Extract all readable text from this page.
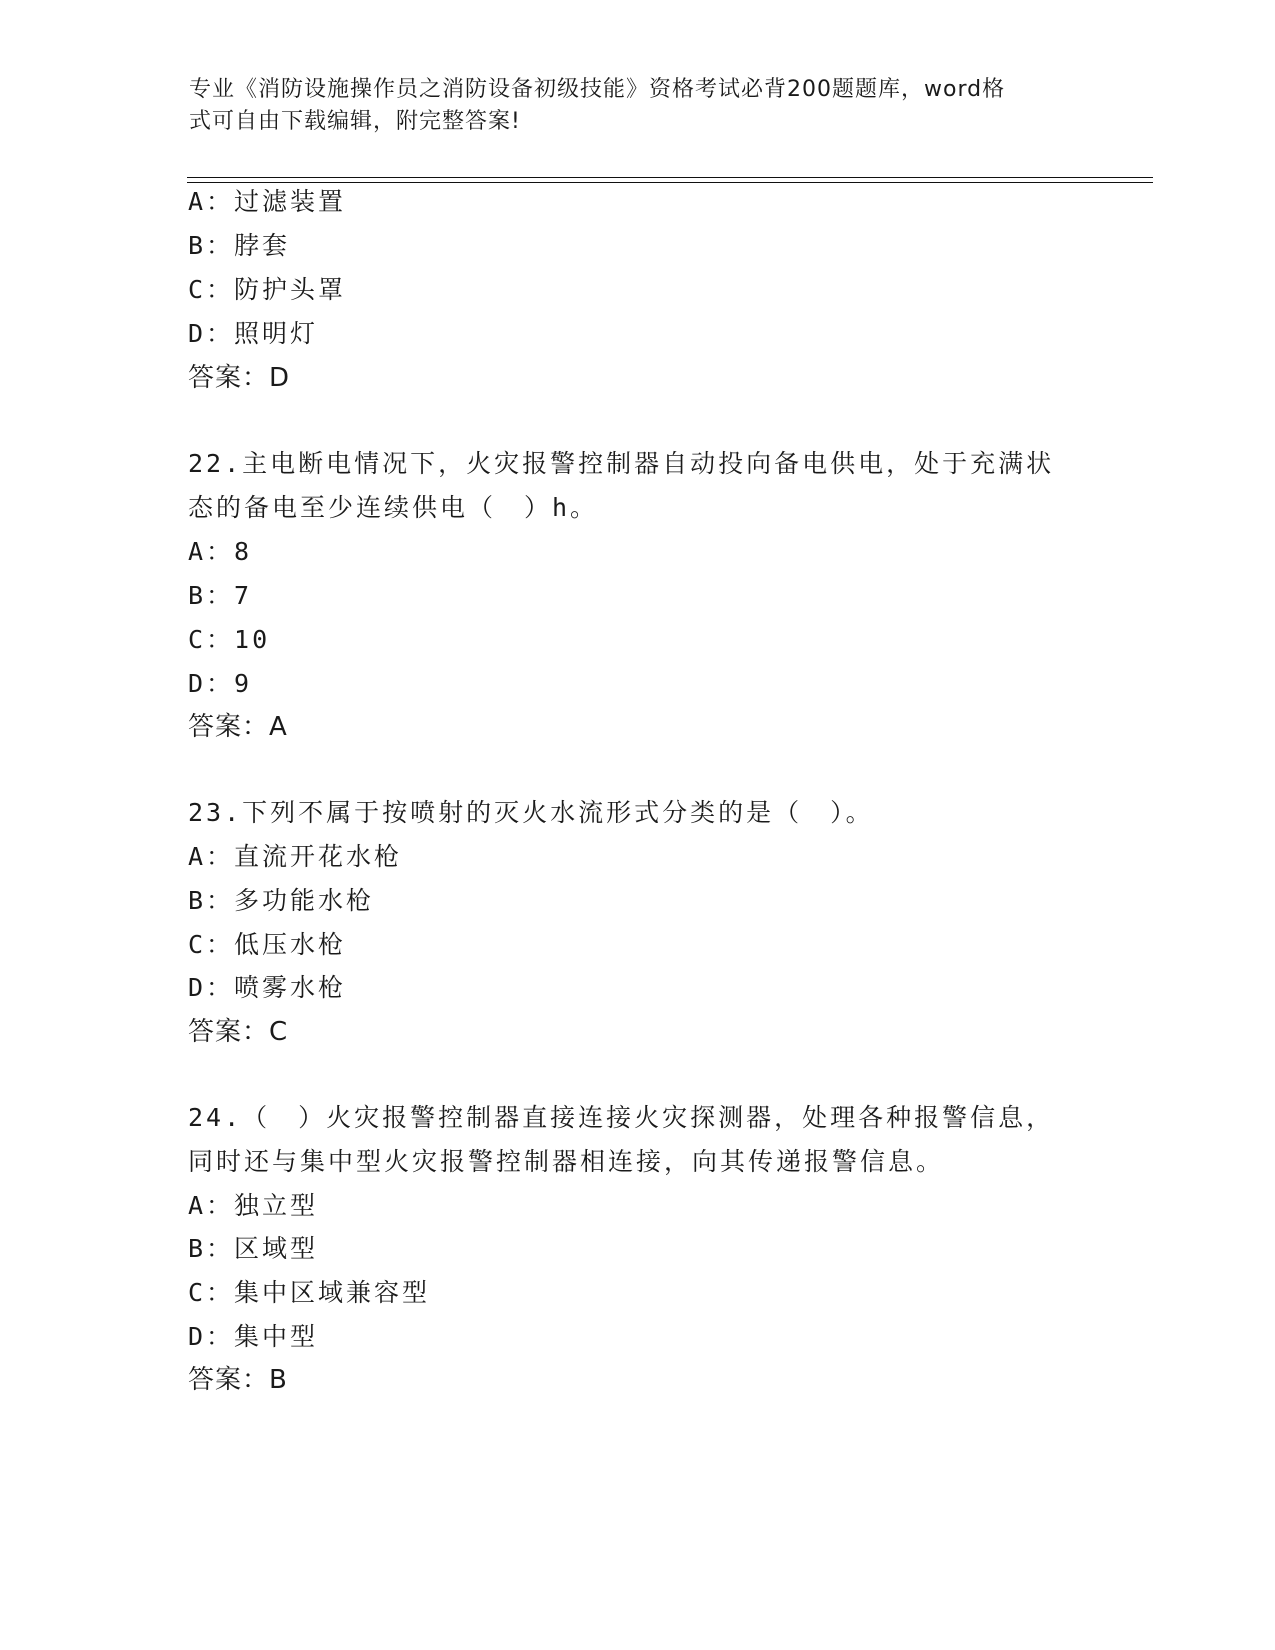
专业《消防设施操作员之消防设备初级技能》资格考试必背200题题库，word格
式可自由下载编辑，附完整答案!
A：过滤装置
B：脖套
C：防护头罩
D：照明灯
答案：D
22.主电断电情况下，火灾报警控制器自动投向备电供电，处于充满状
态的备电至少连续供电（　）h。
A：8
B：7
C：10
D：9
答案：A
23.下列不属于按喷射的灭火水流形式分类的是（　）。
A：直流开花水枪
B：多功能水枪
C：低压水枪
D：喷雾水枪
答案：C
24.（　）火灾报警控制器直接连接火灾探测器，处理各种报警信息，
同时还与集中型火灾报警控制器相连接，向其传递报警信息。
A：独立型
B：区域型
C：集中区域兼容型
D：集中型
答案：B
